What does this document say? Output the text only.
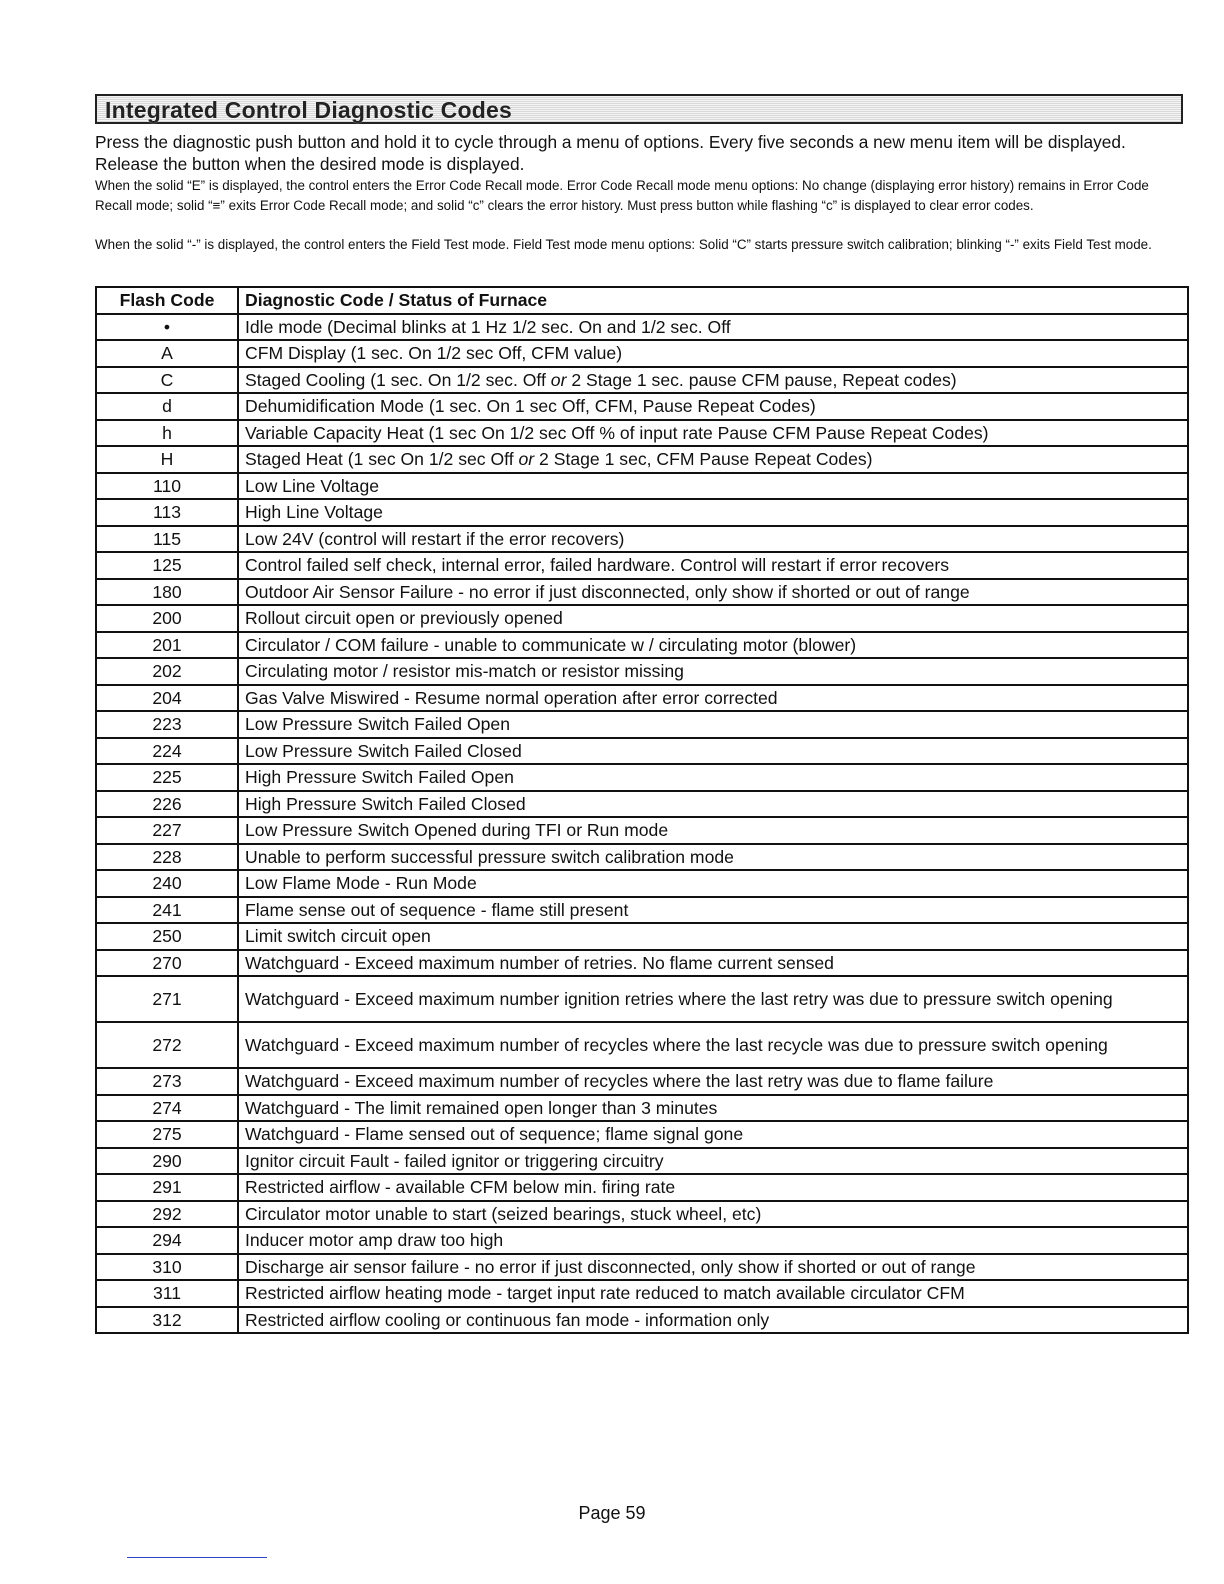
Integrated Control Diagnostic Codes
Press the diagnostic push button and hold it to cycle through a menu of options. Every five seconds a new menu item will be displayed. Release the button when the desired mode is displayed.
When the solid “E” is displayed, the control enters the Error Code Recall mode. Error Code Recall mode menu options: No change (displaying error history) remains in Error Code Recall mode; solid “≡” exits Error Code Recall mode; and solid “c” clears the error history. Must press button while flashing “c” is displayed to clear error codes.
When the solid “-” is displayed, the control enters the Field Test mode. Field Test mode menu options: Solid “C” starts pressure switch calibration; blinking “-” exits Field Test mode.
Flash Code	Diagnostic Code / Status of Furnace
•	Idle mode (Decimal blinks at 1 Hz 1/2 sec. On and 1/2 sec. Off
A	CFM Display (1 sec. On 1/2 sec Off, CFM value)
C	Staged Cooling (1 sec. On 1/2 sec. Off or 2 Stage 1 sec. pause CFM pause, Repeat codes)
d	Dehumidification Mode (1 sec. On 1 sec Off, CFM, Pause Repeat Codes)
h	Variable Capacity Heat (1 sec On 1/2 sec Off % of input rate Pause CFM Pause Repeat Codes)
H	Staged Heat (1 sec On 1/2 sec Off or 2 Stage 1 sec, CFM Pause Repeat Codes)
110	Low Line Voltage
113	High Line Voltage
115	Low 24V (control will restart if the error recovers)
125	Control failed self check, internal error, failed hardware. Control will restart if error recovers
180	Outdoor Air Sensor Failure - no error if just disconnected, only show if shorted or out of range
200	Rollout circuit open or previously opened
201	Circulator / COM failure - unable to communicate w / circulating motor (blower)
202	Circulating motor / resistor mis-match or resistor missing
204	Gas Valve Miswired - Resume normal operation after error corrected
223	Low Pressure Switch Failed Open
224	Low Pressure Switch Failed Closed
225	High Pressure Switch Failed Open
226	High Pressure Switch Failed Closed
227	Low Pressure Switch Opened during TFI or Run mode
228	Unable to perform successful pressure switch calibration mode
240	Low Flame Mode - Run Mode
241	Flame sense out of sequence - flame still present
250	Limit switch circuit open
270	Watchguard - Exceed maximum number of retries. No flame current sensed
271	Watchguard - Exceed maximum number ignition retries where the last retry was due to pressure switch opening
272	Watchguard - Exceed maximum number of recycles where the last recycle was due to pressure switch opening
273	Watchguard - Exceed maximum number of recycles where the last retry was due to flame failure
274	Watchguard - The limit remained open longer than 3 minutes
275	Watchguard - Flame sensed out of sequence; flame signal gone
290	Ignitor circuit Fault - failed ignitor or triggering circuitry
291	Restricted airflow - available CFM below min. firing rate
292	Circulator motor unable to start (seized bearings, stuck wheel, etc)
294	Inducer motor amp draw too high
310	Discharge air sensor failure - no error if just disconnected, only show if shorted or out of range
311	Restricted airflow heating mode - target input rate reduced to match available circulator CFM
312	Restricted airflow cooling or continuous fan mode - information only
Page 59
